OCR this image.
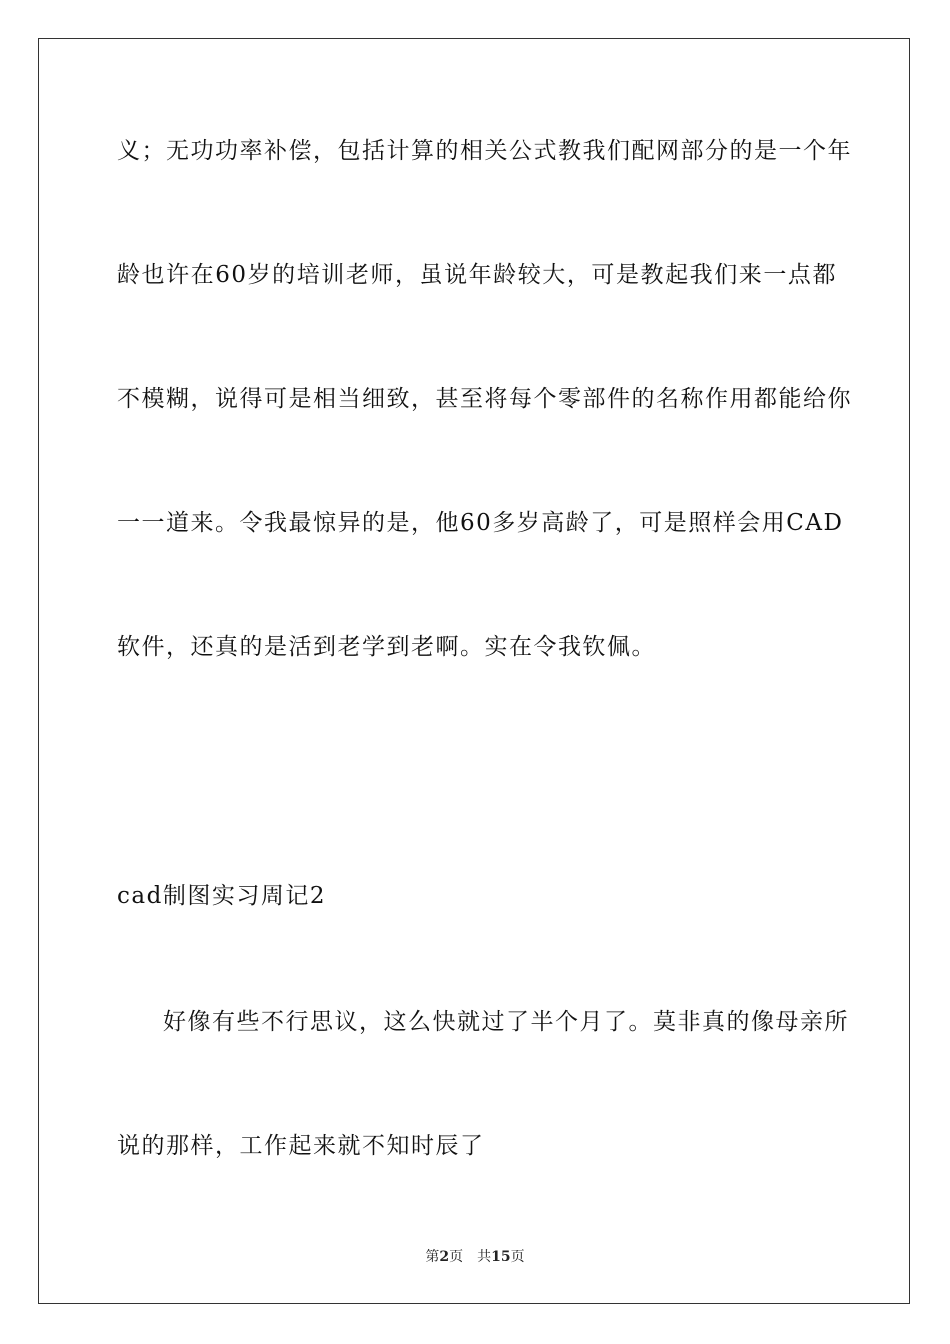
义；无功功率补偿，包括计算的相关公式教我们配网部分的是一个年
龄也许在60岁的培训老师，虽说年龄较大，可是教起我们来一点都
不模糊，说得可是相当细致，甚至将每个零部件的名称作用都能给你
一一道来。令我最惊异的是，他60多岁高龄了，可是照样会用CAD
软件，还真的是活到老学到老啊。实在令我钦佩。
cad制图实习周记2
好像有些不行思议，这么快就过了半个月了。莫非真的像母亲所
说的那样，工作起来就不知时辰了
第2页 共15页
